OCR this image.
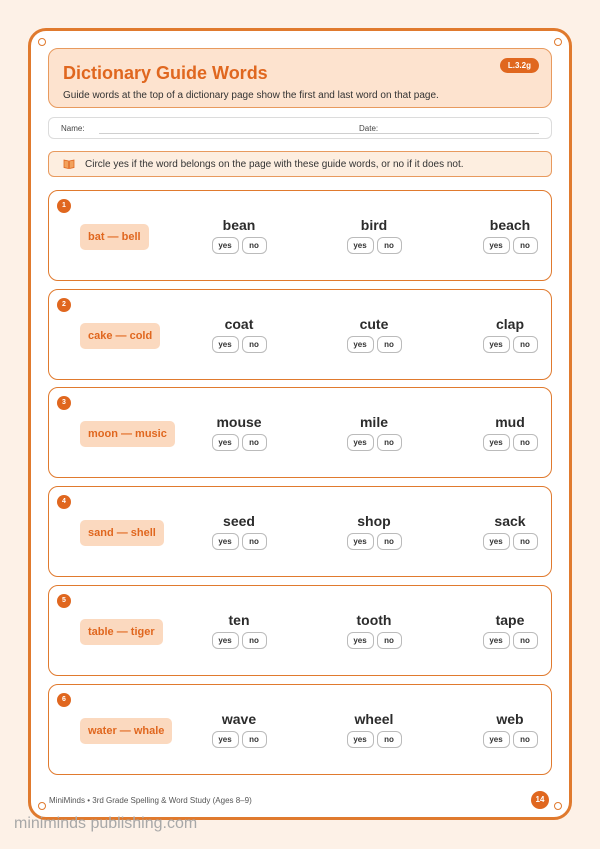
Dictionary Guide Words
Guide words at the top of a dictionary page show the first and last word on that page.
L.3.2g
Name:	Date:
Circle yes if the word belongs on the page with these guide words, or no if it does not.
1
bat — bell
bean
yes	no
bird
yes	no
beach
yes	no
2
cake — cold
coat
yes	no
cute
yes	no
clap
yes	no
3
moon — music
mouse
yes	no
mile
yes	no
mud
yes	no
4
sand — shell
seed
yes	no
shop
yes	no
sack
yes	no
5
table — tiger
ten
yes	no
tooth
yes	no
tape
yes	no
6
water — whale
wave
yes	no
wheel
yes	no
web
yes	no
MiniMinds • 3rd Grade Spelling & Word Study (Ages 8–9)	14
miniminds publishing.com
